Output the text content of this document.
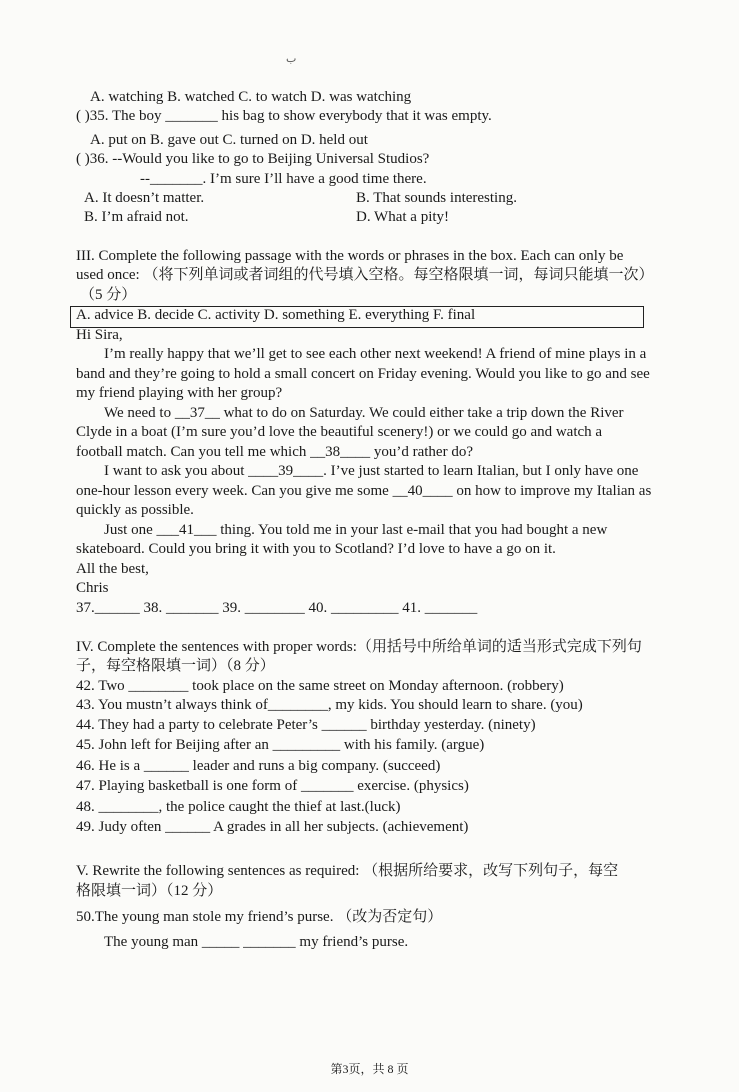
ب
A. watching B. watched C. to watch D. was watching
( )35. The boy _______ his bag to show everybody that it was empty.
A. put on B. gave out C. turned on D. held out
( )36. --Would you like to go to Beijing Universal Studios?
--_______. I’m sure I’ll have a good time there.
A. It doesn’t matter.	B. That sounds interesting.
B. I’m afraid not.	D. What a pity!
III. Complete the following passage with the words or phrases in the box. Each can only be
used once: （将下列单词或者词组的代号填入空格。每空格限填一词，每词只能填一次）
（5 分）
A. advice B. decide C. activity D. something E. everything F. final
Hi Sira,
I’m really happy that we’ll get to see each other next weekend! A friend of mine plays in a
band and they’re going to hold a small concert on Friday evening. Would you like to go and see
my friend playing with her group?
We need to __37__ what to do on Saturday. We could either take a trip down the River
Clyde in a boat (I’m sure you’d love the beautiful scenery!) or we could go and watch a
football match. Can you tell me which __38____ you’d rather do?
I want to ask you about ____39____. I’ve just started to learn Italian, but I only have one
one-hour lesson every week. Can you give me some __40____ on how to improve my Italian as
quickly as possible.
Just one ___41___ thing. You told me in your last e-mail that you had bought a new
skateboard. Could you bring it with you to Scotland? I’d love to have a go on it.
All the best,
Chris
37.______ 38. _______ 39. ________ 40. _________ 41. _______
IV. Complete the sentences with proper words:（用括号中所给单词的适当形式完成下列句
子，每空格限填一词）（8 分）
42. Two ________ took place on the same street on Monday afternoon. (robbery)
43. You mustn’t always think of________, my kids. You should learn to share. (you)
44. They had a party to celebrate Peter’s ______ birthday yesterday. (ninety)
45. John left for Beijing after an _________ with his family. (argue)
46. He is a ______ leader and runs a big company. (succeed)
47. Playing basketball is one form of _______ exercise. (physics)
48. ________, the police caught the thief at last.(luck)
49. Judy often ______ A grades in all her subjects. (achievement)
V. Rewrite the following sentences as required: （根据所给要求，改写下列句子，每空
格限填一词）（12 分）
50.The young man stole my friend’s purse. （改为否定句）
The young man _____ _______ my friend’s purse.
第3页，共 8 页
